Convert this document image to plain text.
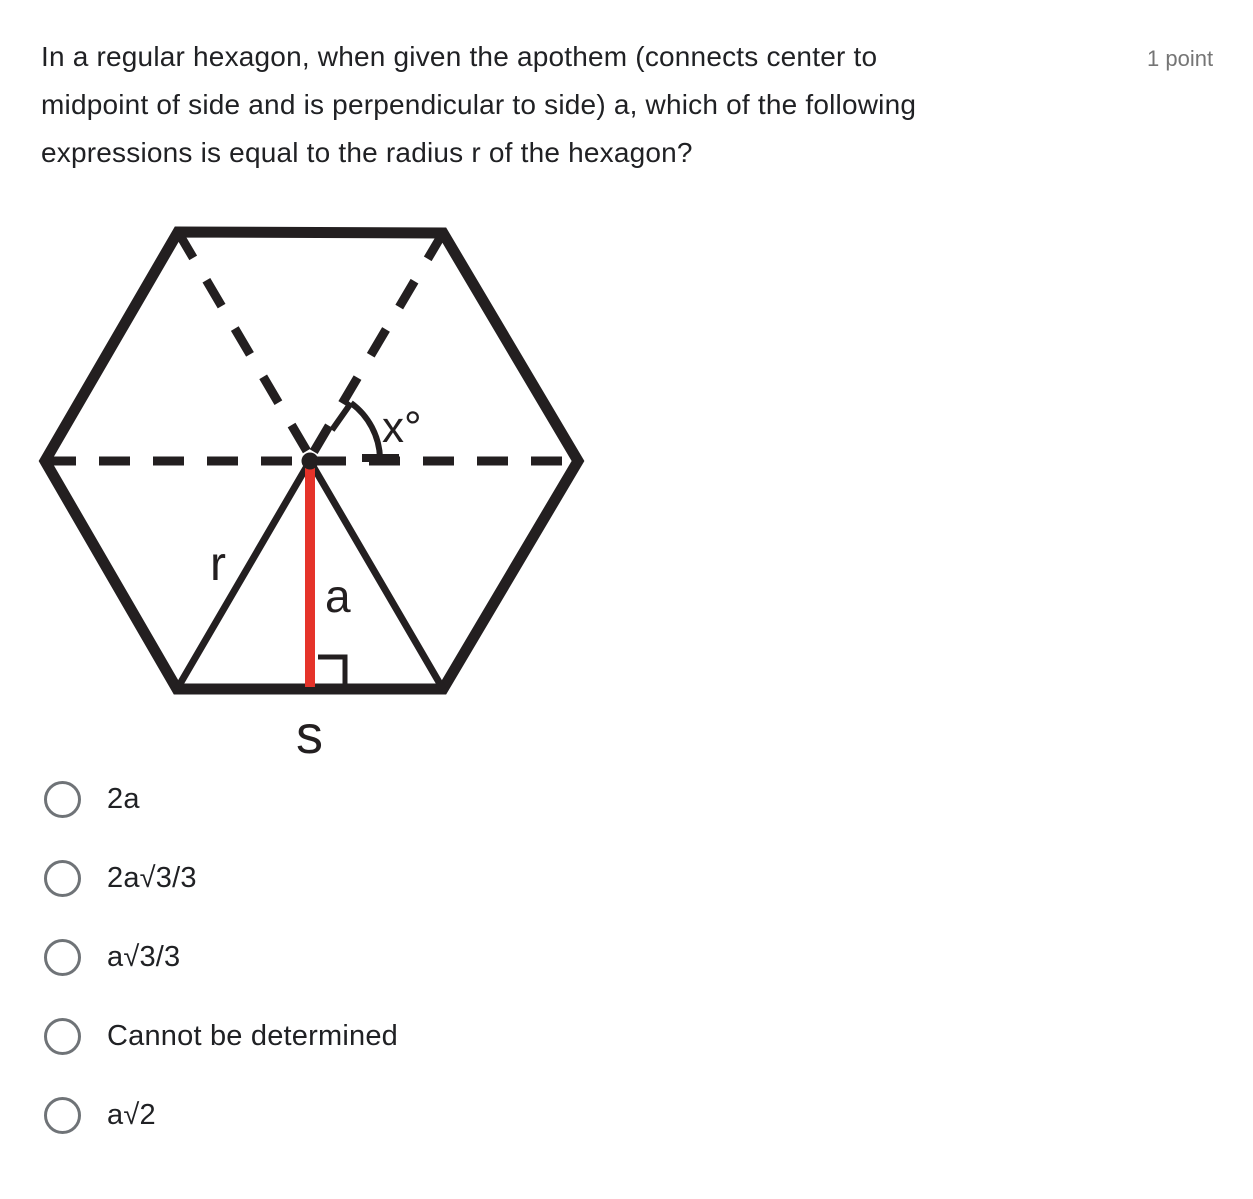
In a regular hexagon, when given the apothem (connects center to
midpoint of side and is perpendicular to side) a, which of the following
expressions is equal to the radius r of the hexagon?
1 point
r
a
s
x°
2a
2a√3/3
a√3/3
Cannot be determined
a√2
